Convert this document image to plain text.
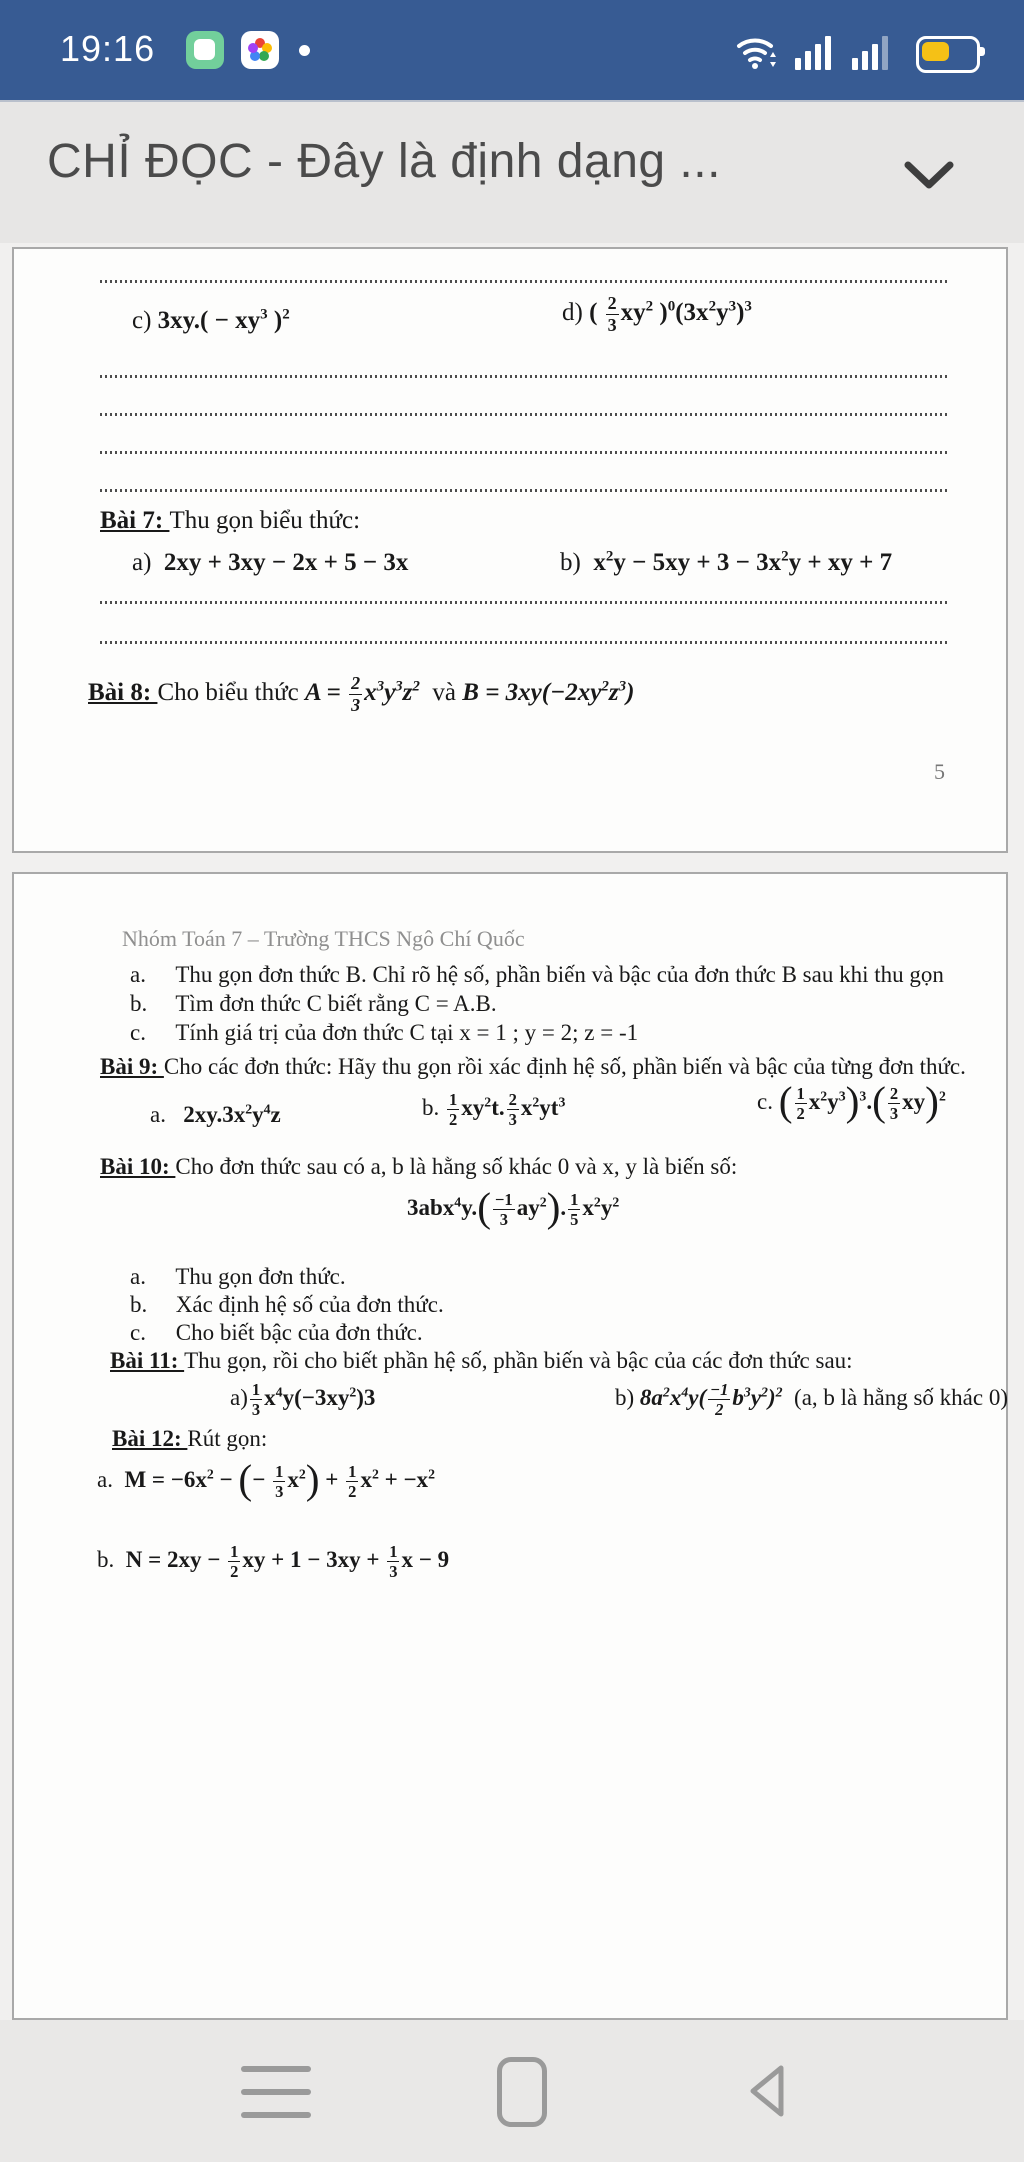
19:16
CHỈ ĐỌC - Đây là định dạng ...
c) $3xy.( - xy^3$ )$^2$	d) ( $\frac{2}{3} xy^2$ )$^0(3x^2y^3)^3$
Bài 7: Thu gọn biểu thức:
a)  2xy + 3xy − 2x + 5 − 3x	b)  $x^2y - 5xy + 3 - 3x^2y$ + xy + 7
Bài 8: Cho biểu thức $A = \frac{2}{3} x^3y^3z^2$ và $B = 3xy(-2xy^2z^3)$
5
Nhóm Toán 7 – Trường THCS Ngô Chí Quốc
a. Thu gọn đơn thức B. Chỉ rõ hệ số, phần biến và bậc của đơn thức B sau khi thu gọn
b. Tìm đơn thức C biết rằng C = A.B.
c. Tính giá trị của đơn thức C tại x = 1 ; y = 2; z = -1
Bài 9: Cho các đơn thức: Hãy thu gọn rồi xác định hệ số, phần biến và bậc của từng đơn thức.
a.   $2xy.3x^2y^4z$	b. $\frac{1}{2} xy^2t$. $\frac{2}{3} x^2yt^3$	c. ( $\frac{1}{2} x^2y^3)^3.( \frac{2}{3} xy)^2$
Bài 10: Cho đơn thức sau có a, b là hằng số khác 0 và x, y là biến số:
$3abx^4y.( \frac{-1}{3} ay^2)$. $\frac{1}{5} x^2y^2$
a. Thu gọn đơn thức.
b. Xác định hệ số của đơn thức.
c. Cho biết bậc của đơn thức.
Bài 11: Thu gọn, rồi cho biết phần hệ số, phần biến và bậc của các đơn thức sau:
$a) \frac{1}{3} x^4y(-3xy^2)3$	b) $8a^2x^4y( \frac{-1}{2} b^3y^2)^2$ (a, b là hằng số khác 0)
Bài 12: Rút gọn:
a.  $M = -6x^2$ − (− $\frac{1}{3} x^2) + \frac{1}{2} x^2 + -x^2$
b.  $N = 2xy - \frac{1}{2}$ xy + $1 - 3xy + \frac{1}{3}$ x − 9
